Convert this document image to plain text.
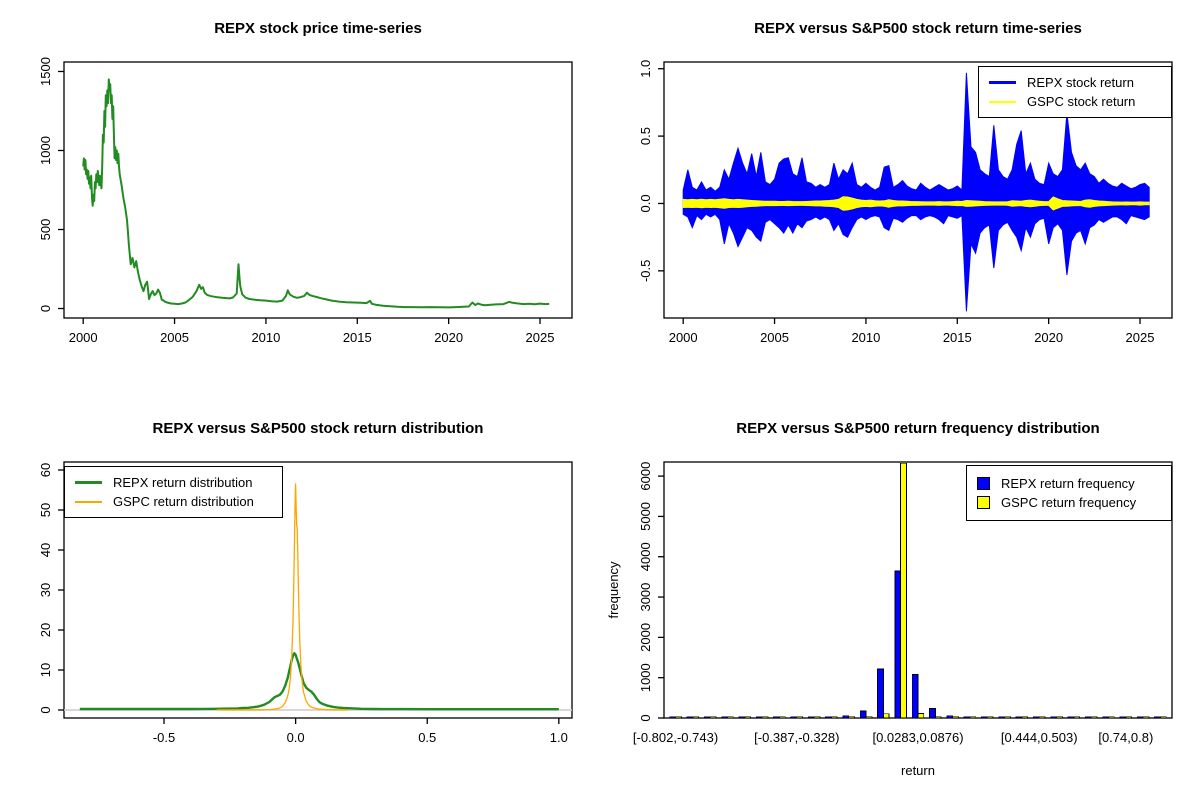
REPX stock price time-series
2000	2005	2010	2015	2020	2025
0
500
1000
1500
REPX versus S&P500 stock return time-series
2000	2005	2010	2015	2020	2025
-0.5
0.0
0.5
1.0
REPX stock return
GSPC stock return
REPX versus S&P500 stock return distribution
-0.5	0.0	0.5	1.0
0
10
20
30
40
50
60
REPX return distribution
GSPC return distribution
REPX versus S&P500 return frequency distribution
0
1000
2000
3000
4000
5000
6000
frequency
return
[-0.802,-0.743)	[-0.387,-0.328)	[0.0283,0.0876)	[0.444,0.503) [0.74,0.8)
REPX return frequency
GSPC return frequency
